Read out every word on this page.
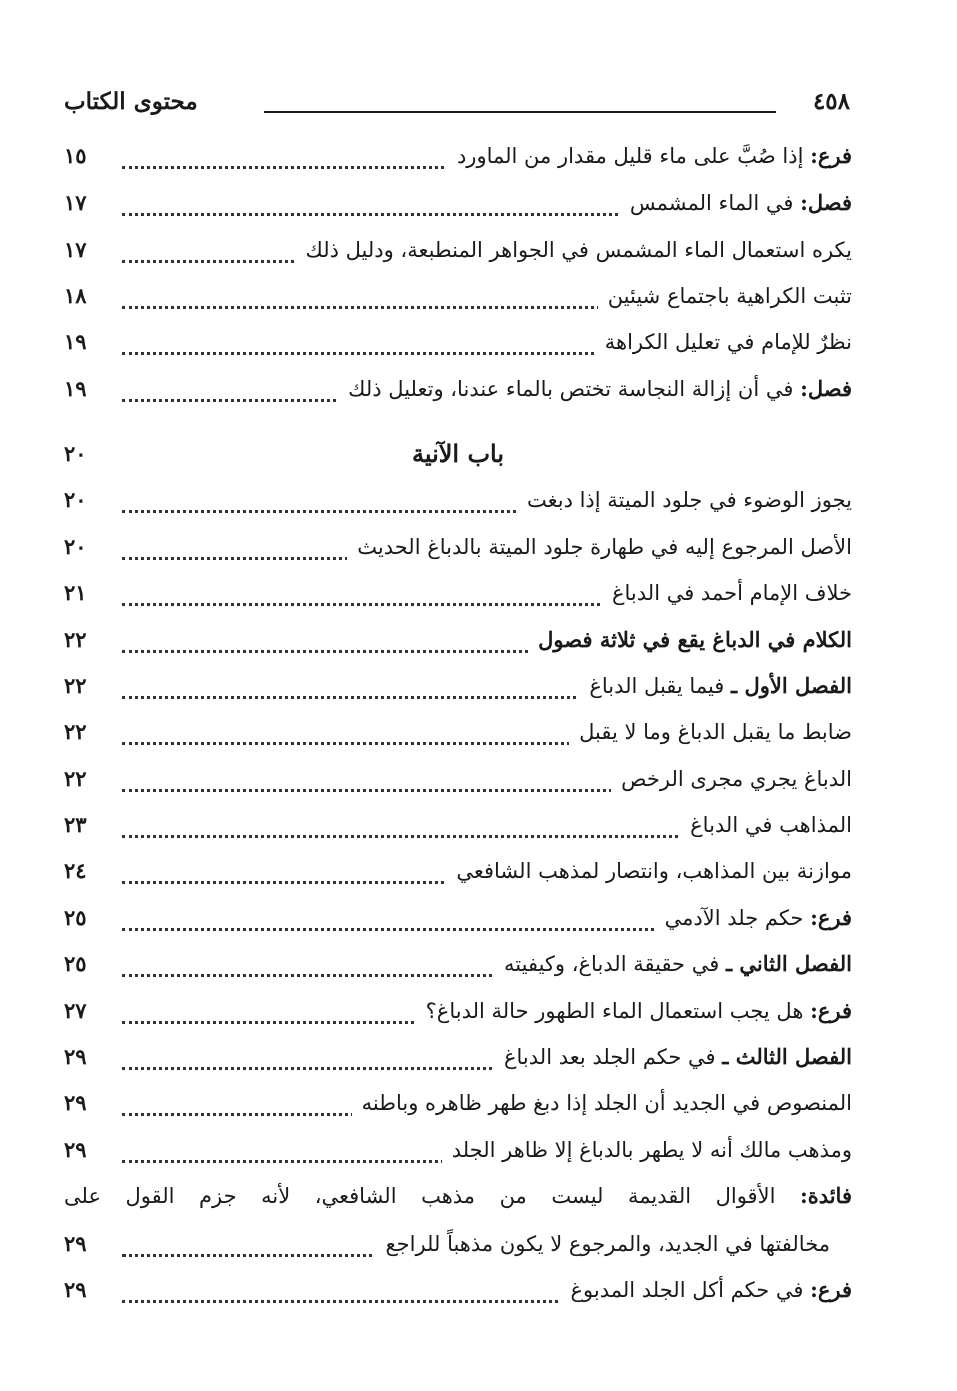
٤٥٨
محتوى الكتاب
فرع: إذا صُبَّ على ماء قليل مقدار من الماورد
١٥
فصل: في الماء المشمس
١٧
يكره استعمال الماء المشمس في الجواهر المنطبعة، ودليل ذلك
١٧
تثبت الكراهية باجتماع شيئين
١٨
نظرٌ للإمام في تعليل الكراهة
١٩
فصل: في أن إزالة النجاسة تختص بالماء عندنا، وتعليل ذلك
١٩
باب الآنية
٢٠
يجوز الوضوء في جلود الميتة إذا دبغت
٢٠
الأصل المرجوع إليه في طهارة جلود الميتة بالدباغ الحديث
٢٠
خلاف الإمام أحمد في الدباغ
٢١
الكلام في الدباغ يقع في ثلاثة فصول
٢٢
الفصل الأول ـ فيما يقبل الدباغ
٢٢
ضابط ما يقبل الدباغ وما لا يقبل
٢٢
الدباغ يجري مجرى الرخص
٢٢
المذاهب في الدباغ
٢٣
موازنة بين المذاهب، وانتصار لمذهب الشافعي
٢٤
فرع: حكم جلد الآدمي
٢٥
الفصل الثاني ـ في حقيقة الدباغ، وكيفيته
٢٥
فرع: هل يجب استعمال الماء الطهور حالة الدباغ؟
٢٧
الفصل الثالث ـ في حكم الجلد بعد الدباغ
٢٩
المنصوص في الجديد أن الجلد إذا دبغ طهر ظاهره وباطنه
٢٩
ومذهب مالك أنه لا يطهر بالدباغ إلا ظاهر الجلد
٢٩
فائدة: الأقوال القديمة ليست من مذهب الشافعي، لأنه جزم القول على
مخالفتها في الجديد، والمرجوع لا يكون مذهباً للراجع
٢٩
فرع: في حكم أكل الجلد المدبوغ
٢٩
